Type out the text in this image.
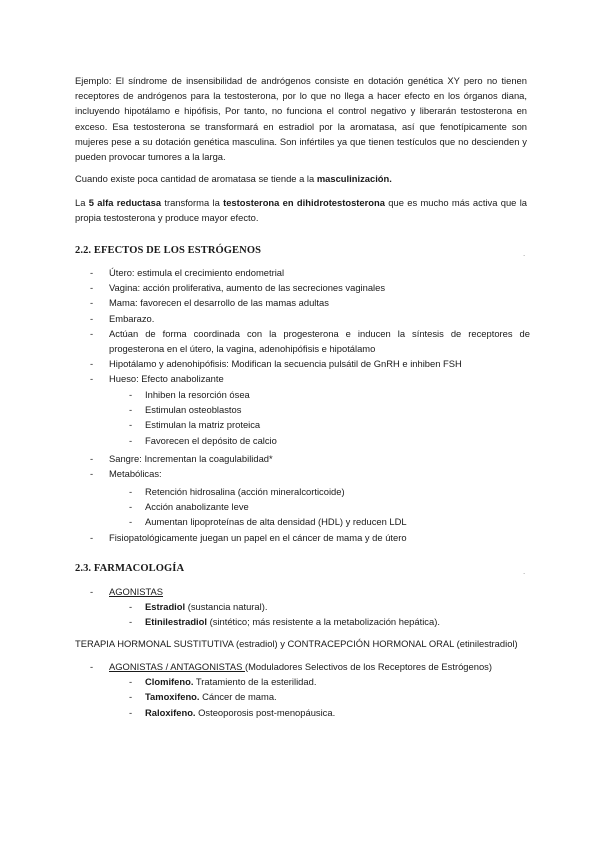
Ejemplo: El síndrome de insensibilidad de andrógenos consiste en dotación genética XY pero no tienen receptores de andrógenos para la testosterona, por lo que no llega a hacer efecto en los órganos diana, incluyendo hipotálamo e hipófisis, Por tanto, no funciona el control negativo y liberarán testosterona en exceso. Esa testosterona se transformará en estradiol por la aromatasa, así que fenotípicamente son mujeres pese a su dotación genética masculina. Son infértiles ya que tienen testículos que no descienden y pueden provocar tumores a la larga.

Cuando existe poca cantidad de aromatasa se tiende a la masculinización.

La 5 alfa reductasa transforma la testosterona en dihidrotestosterona que es mucho más activa que la propia testosterona y produce mayor efecto.

2.2. EFECTOS DE LOS ESTRÓGENOS	.
- Útero: estimula el crecimiento endometrial
- Vagina: acción proliferativa, aumento de las secreciones vaginales
- Mama: favorecen el desarrollo de las mamas adultas
- Embarazo.
- Actúan de forma coordinada con la progesterona e inducen la síntesis de receptores de progesterona en el útero, la vagina, adenohipófisis e hipotálamo
- Hipotálamo y adenohipófisis: Modifican la secuencia pulsátil de GnRH e inhiben FSH
- Hueso: Efecto anabolizante
- Inhiben la resorción ósea
- Estimulan osteoblastos
- Estimulan la matriz proteica
- Favorecen el depósito de calcio
- Sangre: Incrementan la coagulabilidad*
- Metabólicas:
- Retención hidrosalina (acción mineralcorticoide)
- Acción anabolizante leve
- Aumentan lipoproteínas de alta densidad (HDL) y reducen LDL
- Fisiopatológicamente juegan un papel en el cáncer de mama y de útero
2.3. FARMACOLOGÍA	.
- AGONISTAS
- Estradiol (sustancia natural).
- Etinilestradiol (sintético; más resistente a la metabolización hepática).

TERAPIA HORMONAL SUSTITUTIVA (estradiol) y CONTRACEPCIÓN HORMONAL ORAL (etinilestradiol)

- AGONISTAS / ANTAGONISTAS (Moduladores Selectivos de los Receptores de Estrógenos)
- Clomifeno. Tratamiento de la esterilidad.
- Tamoxifeno. Cáncer de mama.
- Raloxifeno. Osteoporosis post-menopáusica.
